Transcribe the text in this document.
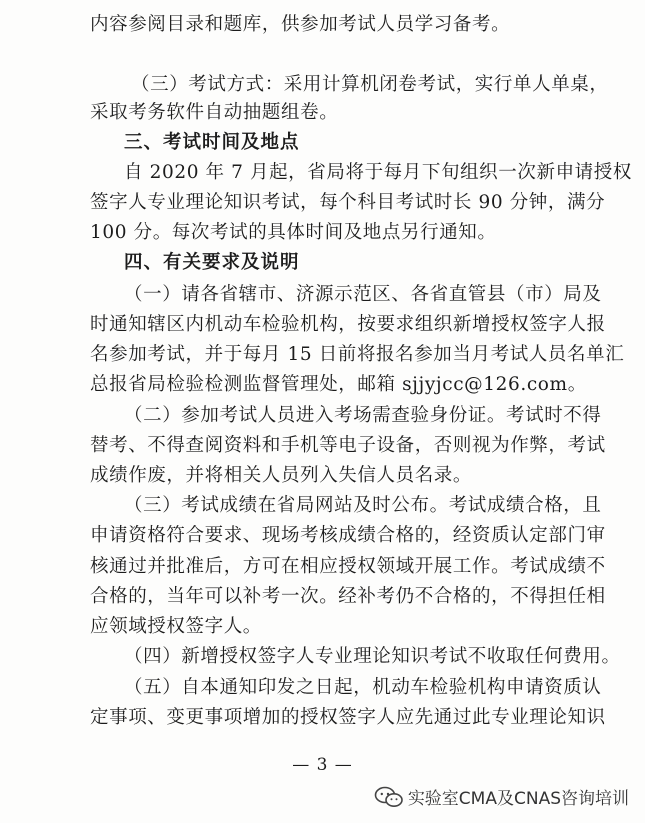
内容参阅目录和题库，供参加考试人员学习备考。
（三）考试方式：采用计算机闭卷考试，实行单人单桌，
采取考务软件自动抽题组卷。
三、考试时间及地点
自 2020 年 7 月起，省局将于每月下旬组织一次新申请授权
签字人专业理论知识考试，每个科目考试时长 90 分钟，满分
100 分。每次考试的具体时间及地点另行通知。
四、有关要求及说明
（一）请各省辖市、济源示范区、各省直管县（市）局及
时通知辖区内机动车检验机构，按要求组织新增授权签字人报
名参加考试，并于每月 15 日前将报名参加当月考试人员名单汇
总报省局检验检测监督管理处，邮箱 sjjyjcc@126.com。
（二）参加考试人员进入考场需查验身份证。考试时不得
替考、不得查阅资料和手机等电子设备，否则视为作弊，考试
成绩作废，并将相关人员列入失信人员名录。
（三）考试成绩在省局网站及时公布。考试成绩合格，且
申请资格符合要求、现场考核成绩合格的，经资质认定部门审
核通过并批准后，方可在相应授权领域开展工作。考试成绩不
合格的，当年可以补考一次。经补考仍不合格的，不得担任相
应领域授权签字人。
（四）新增授权签字人专业理论知识考试不收取任何费用。
（五）自本通知印发之日起，机动车检验机构申请资质认
定事项、变更事项增加的授权签字人应先通过此专业理论知识
— 3 —
实验室CMA及CNAS咨询培训
